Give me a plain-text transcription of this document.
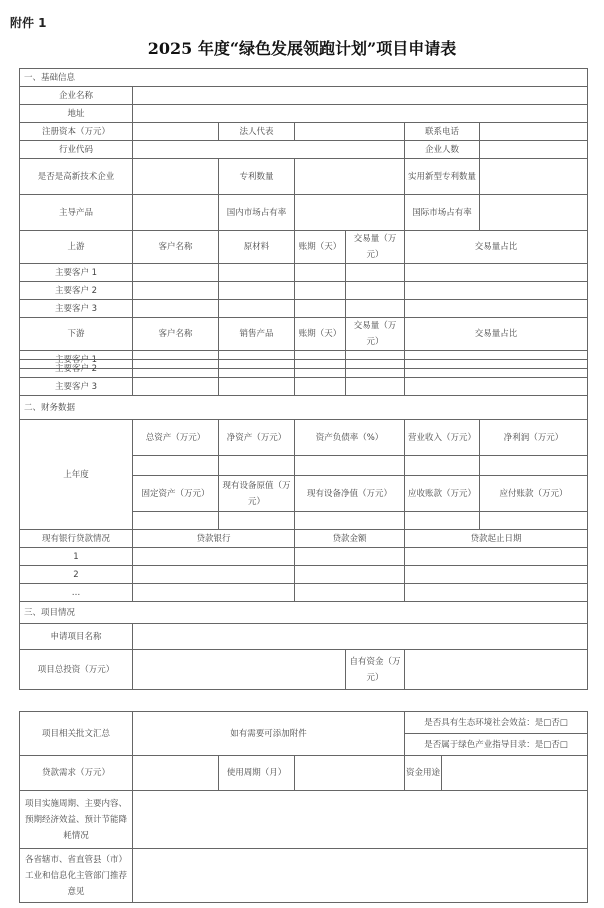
附件 1
2025 年度“绿色发展领跑计划”项目申请表
一、基础信息						
企业名称						
地址						
注册资本（万元）		法人代表			联系电话	
行业代码					企业人数	
是否是高新技术企业		专利数量			实用新型专利数量	
主导产品		国内市场占有率			国际市场占有率	
上游	客户名称	原材料	账期（天）	交易量（万元）	交易量占比	
主要客户 1						
主要客户 2						
主要客户 3						
下游	客户名称	销售产品	账期（天）	交易量（万元）	交易量占比	
主要客户 1						
主要客户 2						
主要客户 3						
二、财务数据						
上年度	总资产（万元）	净资产（万元）	资产负债率（%）		营业收入（万元）	净利润（万元）

	固定资产（万元）	现有设备原值（万元）	现有设备净值（万元）		应收账款（万元）	应付账款（万元）

现有银行贷款情况	贷款银行		贷款金额		贷款起止日期	
1						
2						
…						
三、项目情况						
申请项目名称						
项目总投资（万元）				自有资金（万元）		
项目相关批文汇总	如有需要可添加附件			是否具有生态环境社会效益：是□否□
				是否属于绿色产业指导目录：是□否□
贷款需求（万元）		使用周期（月）		资金用途

项目实施周期、主要内容、预期经济效益、预计节能降耗情况				
各省辖市、省直管县（市）工业和信息化主管部门推荐意见				
